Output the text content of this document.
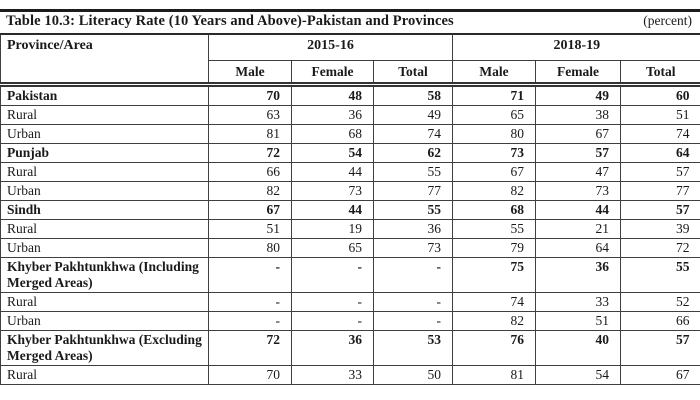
Table 10.3: Literacy Rate (10 Years and Above)-Pakistan and Provinces	(percent)
Province/Area	2015-16			2018-19		
	Male	Female	Total	Male	Female	Total
Pakistan	70	48	58	71	49	60
Rural	63	36	49	65	38	51
Urban	81	68	74	80	67	74
Punjab	72	54	62	73	57	64
Rural	66	44	55	67	47	57
Urban	82	73	77	82	73	77
Sindh	67	44	55	68	44	57
Rural	51	19	36	55	21	39
Urban	80	65	73	79	64	72
Khyber Pakhtunkhwa (Including Merged Areas)	-	-	-	75	36	55
Rural	-	-	-	74	33	52
Urban	-	-	-	82	51	66
Khyber Pakhtunkhwa (Excluding Merged Areas)	72	36	53	76	40	57
Rural	70	33	50	81	54	67
